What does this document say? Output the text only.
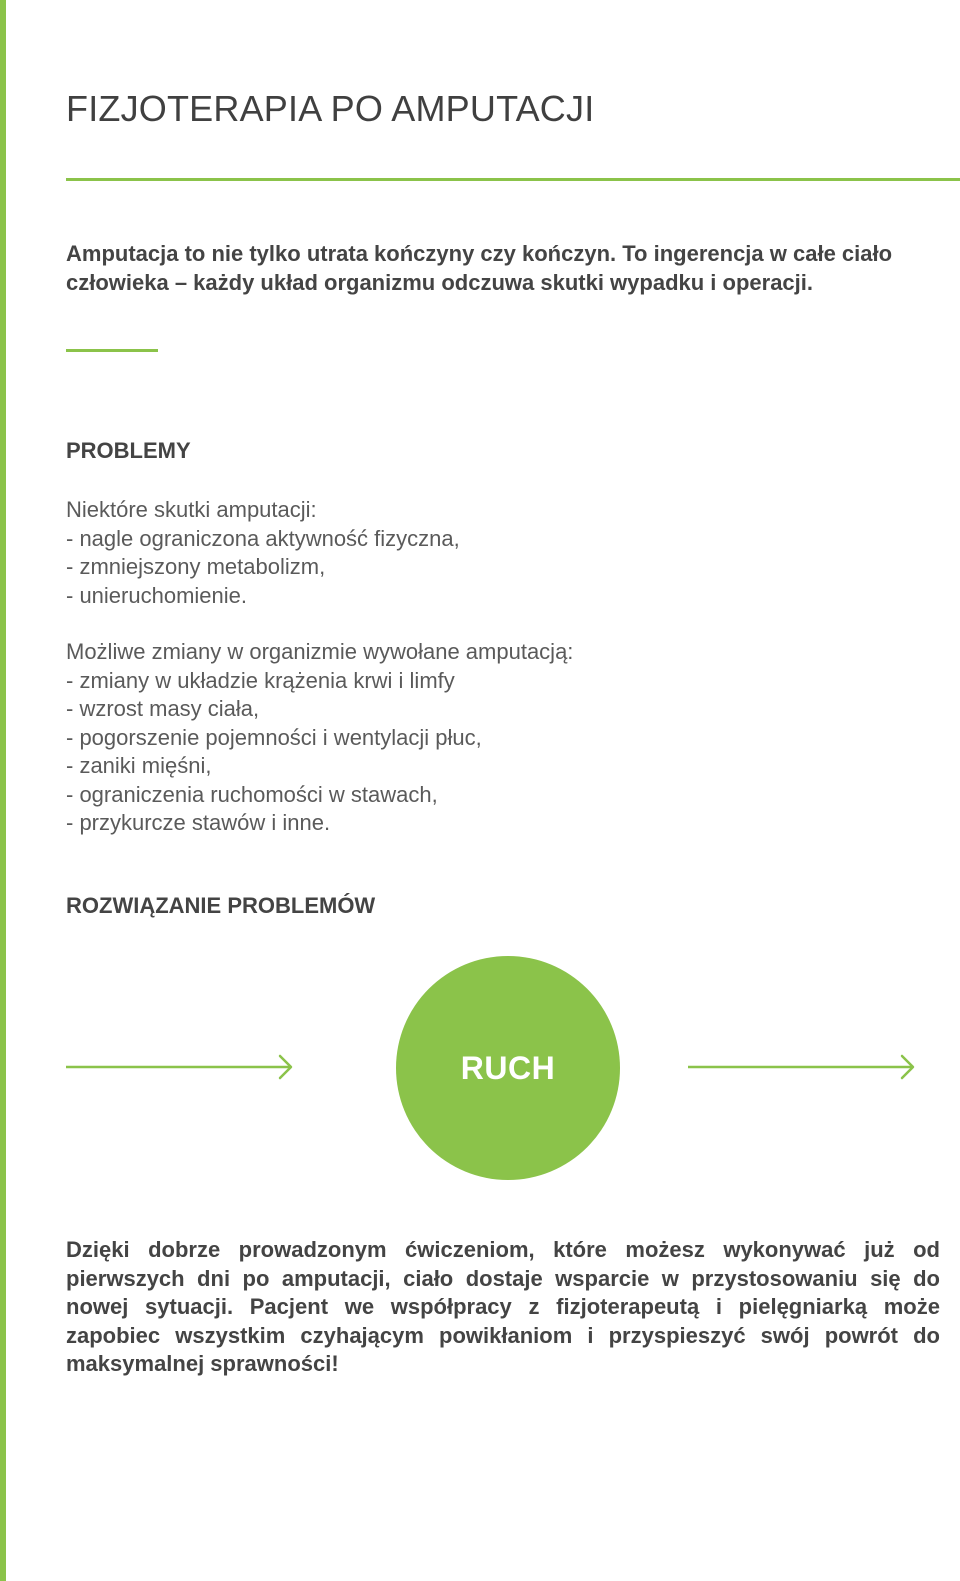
FIZJOTERAPIA PO AMPUTACJI

Amputacja to nie tylko utrata kończyny czy kończyn. To ingerencja w całe ciało człowieka – każdy układ organizmu odczuwa skutki wypadku i operacji.

PROBLEMY
Niektóre skutki amputacji:
- nagle ograniczona aktywność fizyczna,
- zmniejszony metabolizm,
- unieruchomienie.
Możliwe zmiany w organizmie wywołane amputacją:
- zmiany w układzie krążenia krwi i limfy
- wzrost masy ciała,
- pogorszenie pojemności i wentylacji płuc,
- zaniki mięśni,
- ograniczenia ruchomości w stawach,
- przykurcze stawów i inne.
ROZWIĄZANIE PROBLEMÓW
RUCH

Dzięki dobrze prowadzonym ćwiczeniom, które możesz wykonywać już od pierwszych dni po amputacji, ciało dostaje wsparcie w przystosowaniu się do nowej sytuacji. Pacjent we współpracy z fizjoterapeutą i pielęgniarką może zapobiec wszystkim czyhającym powikłaniom i przyspieszyć swój powrót do maksymalnej sprawności!
